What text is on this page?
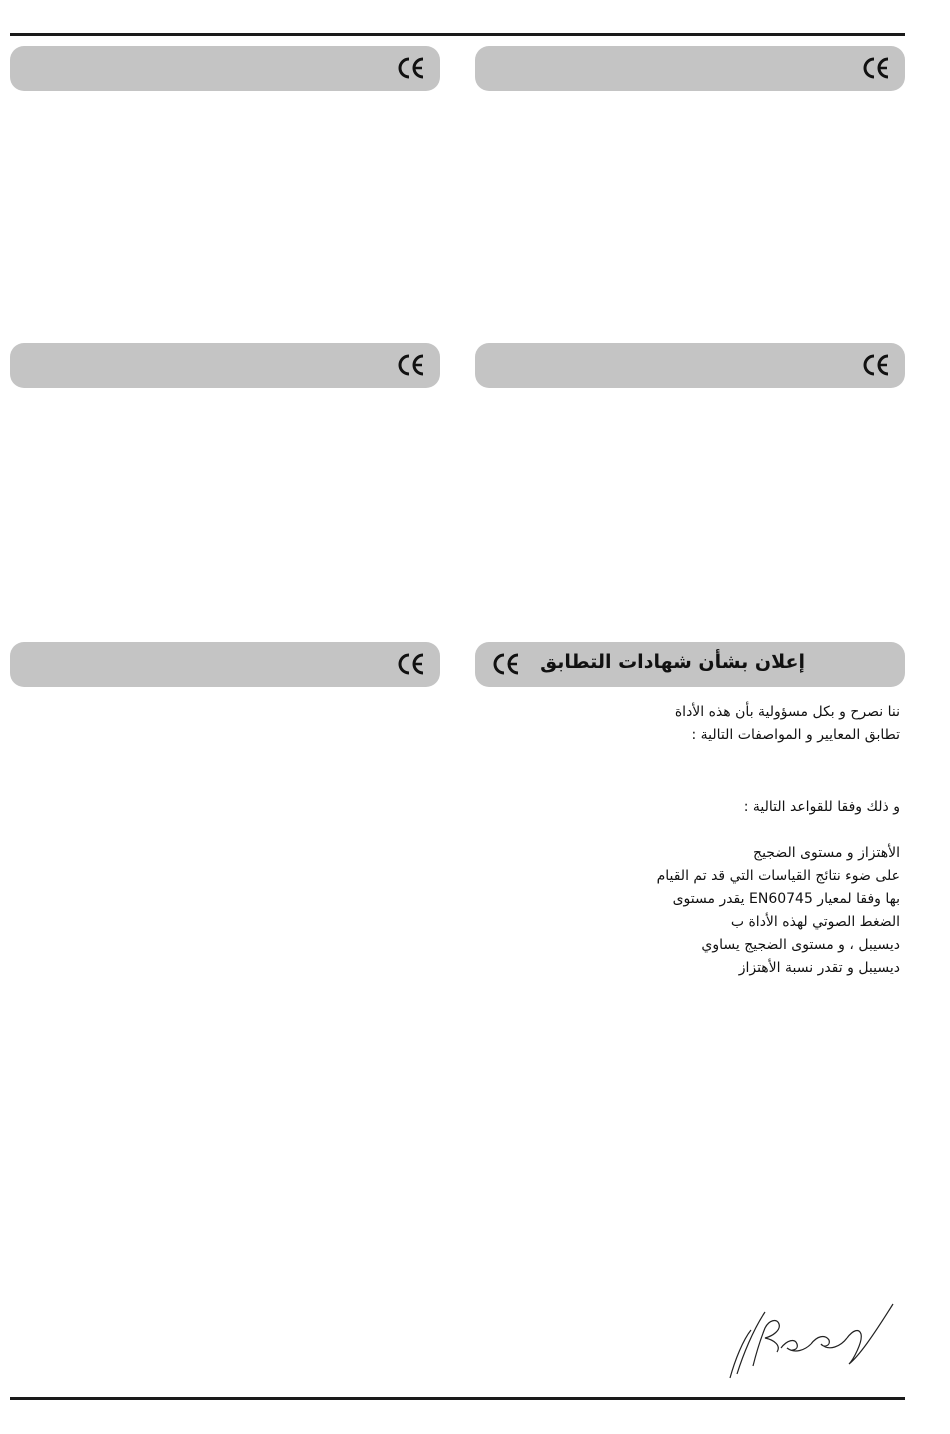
إعلان بشأن شهادات التطابق
ننا نصرح و بكل مسؤولية بأن هذه الأداة
تطابق المعايير و المواصفات التالية :
و ذلك وفقا للقواعد التالية :
الأهتزاز و مستوى الضجيج
على ضوء نتائج القياسات التي قد تم القيام
بها وفقا لمعيار EN60745 يقدر مستوى
الضغط الصوتي لهذه الأداة ب
ديسيبل ، و مستوى الضجيج يساوي
ديسيبل و تقدر نسبة الأهتزاز
